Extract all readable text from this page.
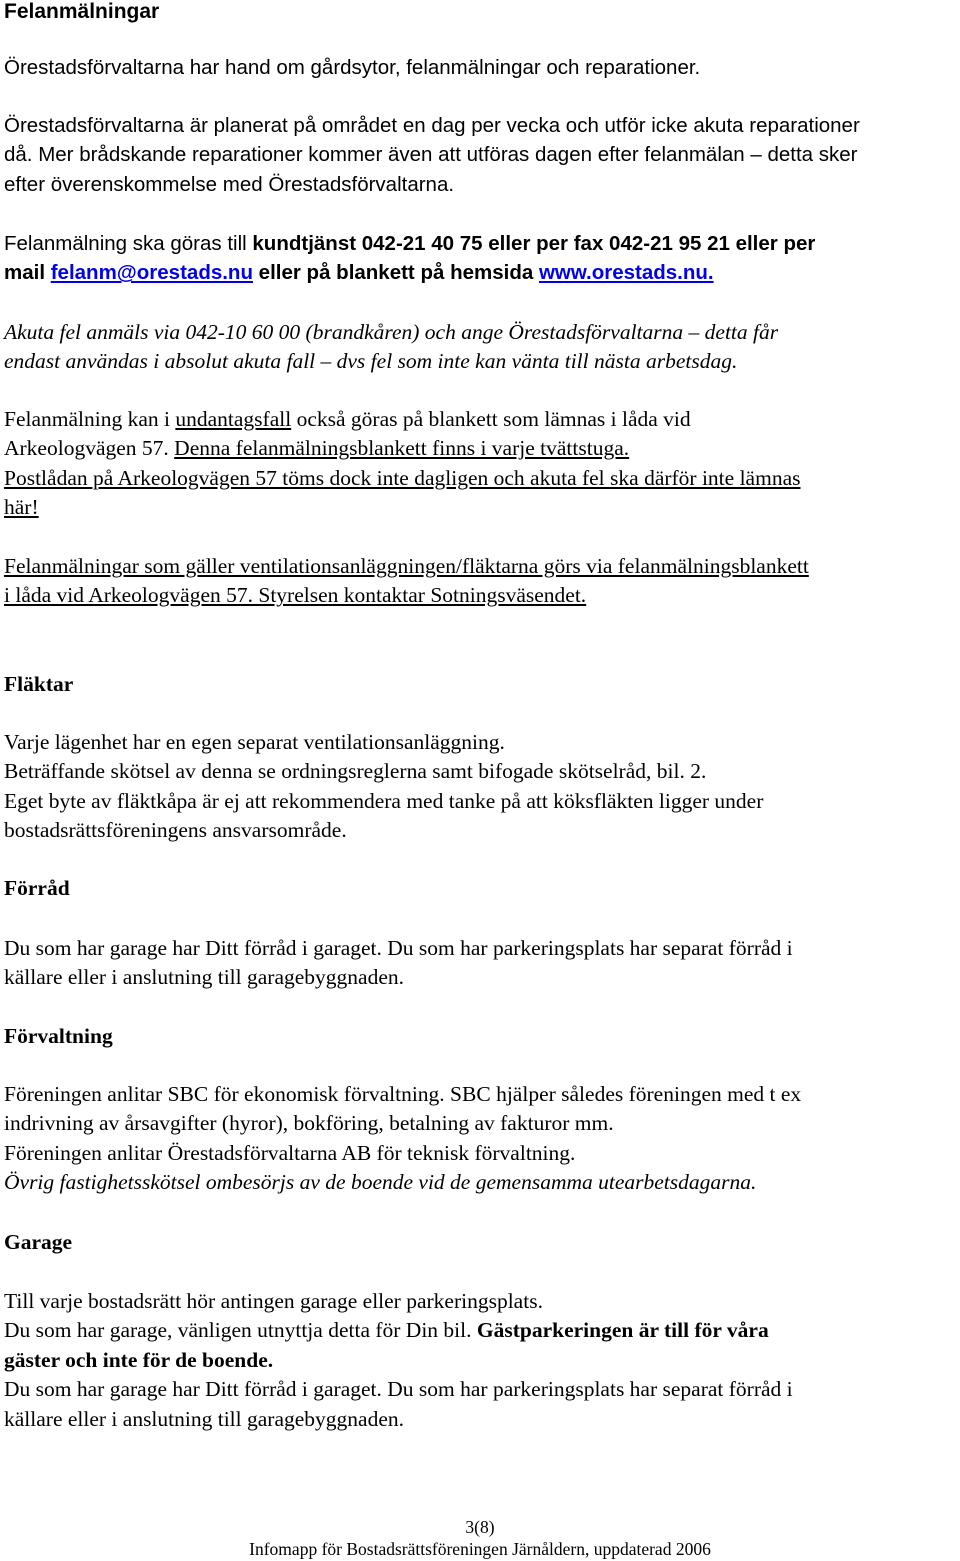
Felanmälningar

Örestadsförvaltarna har hand om gårdsytor, felanmälningar och reparationer.

Örestadsförvaltarna är planerat på området en dag per vecka och utför icke akuta reparationer

då. Mer brådskande reparationer kommer även att utföras dagen efter felanmälan – detta sker

efter överenskommelse med Örestadsförvaltarna.

Felanmälning ska göras till kundtjänst 042-21 40 75 eller per fax 042-21 95 21 eller per

mail felanm@orestads.nu eller på blankett på hemsida www.orestads.nu.

Akuta fel anmäls via 042-10 60 00 (brandkåren) och ange Örestadsförvaltarna – detta får

endast användas i absolut akuta fall – dvs fel som inte kan vänta till nästa arbetsdag.

Felanmälning kan i undantagsfall också göras på blankett som lämnas i låda vid

Arkeologvägen 57. Denna felanmälningsblankett finns i varje tvättstuga.

Postlådan på Arkeologvägen 57 töms dock inte dagligen och akuta fel ska därför inte lämnas

här!

Felanmälningar som gäller ventilationsanläggningen/fläktarna görs via felanmälningsblankett

i låda vid Arkeologvägen 57. Styrelsen kontaktar Sotningsväsendet.

Fläktar

Varje lägenhet har en egen separat ventilationsanläggning.

Beträffande skötsel av denna se ordningsreglerna samt bifogade skötselråd, bil. 2.

Eget byte av fläktkåpa är ej att rekommendera med tanke på att köksfläkten ligger under

bostadsrättsföreningens ansvarsområde.

Förråd

Du som har garage har Ditt förråd i garaget. Du som har parkeringsplats har separat förråd i

källare eller i anslutning till garagebyggnaden.

Förvaltning

Föreningen anlitar SBC för ekonomisk förvaltning. SBC hjälper således föreningen med t ex

indrivning av årsavgifter (hyror), bokföring, betalning av fakturor mm.

Föreningen anlitar Örestadsförvaltarna AB för teknisk förvaltning.

Övrig fastighetsskötsel ombesörjs av de boende vid de gemensamma utearbetsdagarna.

Garage

Till varje bostadsrätt hör antingen garage eller parkeringsplats.

Du som har garage, vänligen utnyttja detta för Din bil. Gästparkeringen är till för våra

gäster och inte för de boende.

Du som har garage har Ditt förråd i garaget. Du som har parkeringsplats har separat förråd i

källare eller i anslutning till garagebyggnaden.

3(8)
Infomapp för Bostadsrättsföreningen Järnåldern, uppdaterad 2006
